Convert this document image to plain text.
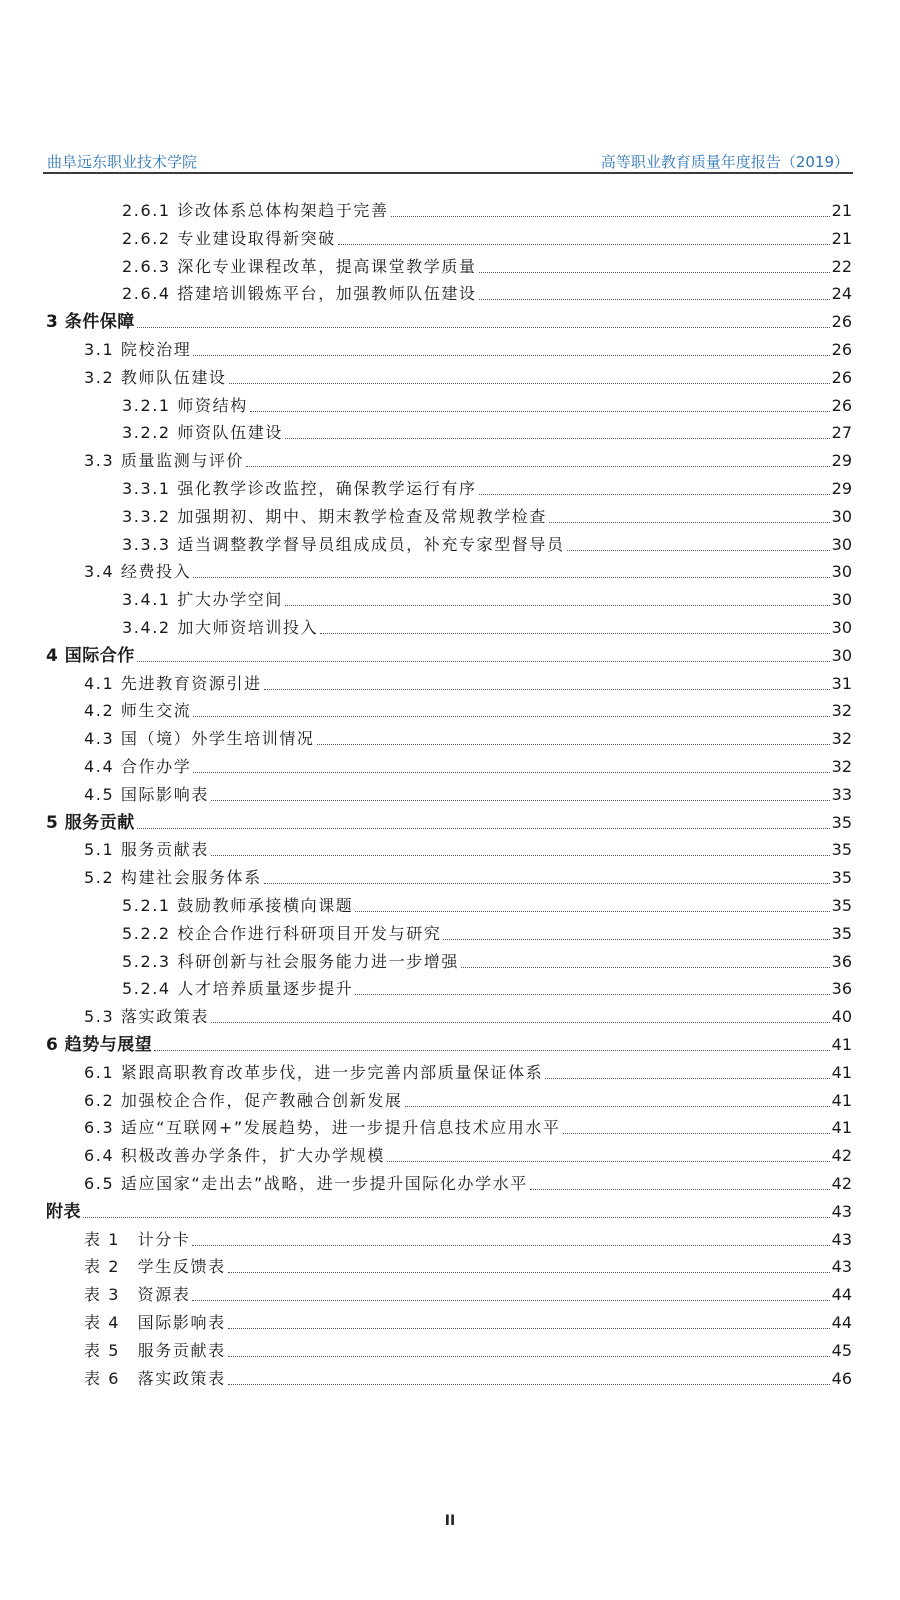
曲阜远东职业技术学院	高等职业教育质量年度报告（2019）
2.6.1 诊改体系总体构架趋于完善	21
2.6.2 专业建设取得新突破	21
2.6.3 深化专业课程改革，提高课堂教学质量	22
2.6.4 搭建培训锻炼平台，加强教师队伍建设	24
3 条件保障	26
3.1 院校治理	26
3.2 教师队伍建设	26
3.2.1 师资结构	26
3.2.2 师资队伍建设	27
3.3 质量监测与评价	29
3.3.1 强化教学诊改监控，确保教学运行有序	29
3.3.2 加强期初、期中、期末教学检查及常规教学检查	30
3.3.3 适当调整教学督导员组成成员，补充专家型督导员	30
3.4 经费投入	30
3.4.1 扩大办学空间	30
3.4.2 加大师资培训投入	30
4 国际合作	30
4.1 先进教育资源引进	31
4.2 师生交流	32
4.3 国（境）外学生培训情况	32
4.4 合作办学	32
4.5 国际影响表	33
5 服务贡献	35
5.1 服务贡献表	35
5.2 构建社会服务体系	35
5.2.1 鼓励教师承接横向课题	35
5.2.2 校企合作进行科研项目开发与研究	35
5.2.3 科研创新与社会服务能力进一步增强	36
5.2.4 人才培养质量逐步提升	36
5.3 落实政策表	40
6 趋势与展望	41
6.1 紧跟高职教育改革步伐，进一步完善内部质量保证体系	41
6.2 加强校企合作，促产教融合创新发展	41
6.3 适应“互联网+”发展趋势，进一步提升信息技术应用水平	41
6.4 积极改善办学条件，扩大办学规模	42
6.5 适应国家“走出去”战略，进一步提升国际化办学水平	42
附表	43
表 1　计分卡	43
表 2　学生反馈表	43
表 3　资源表	44
表 4　国际影响表	44
表 5　服务贡献表	45
表 6　落实政策表	46
II
